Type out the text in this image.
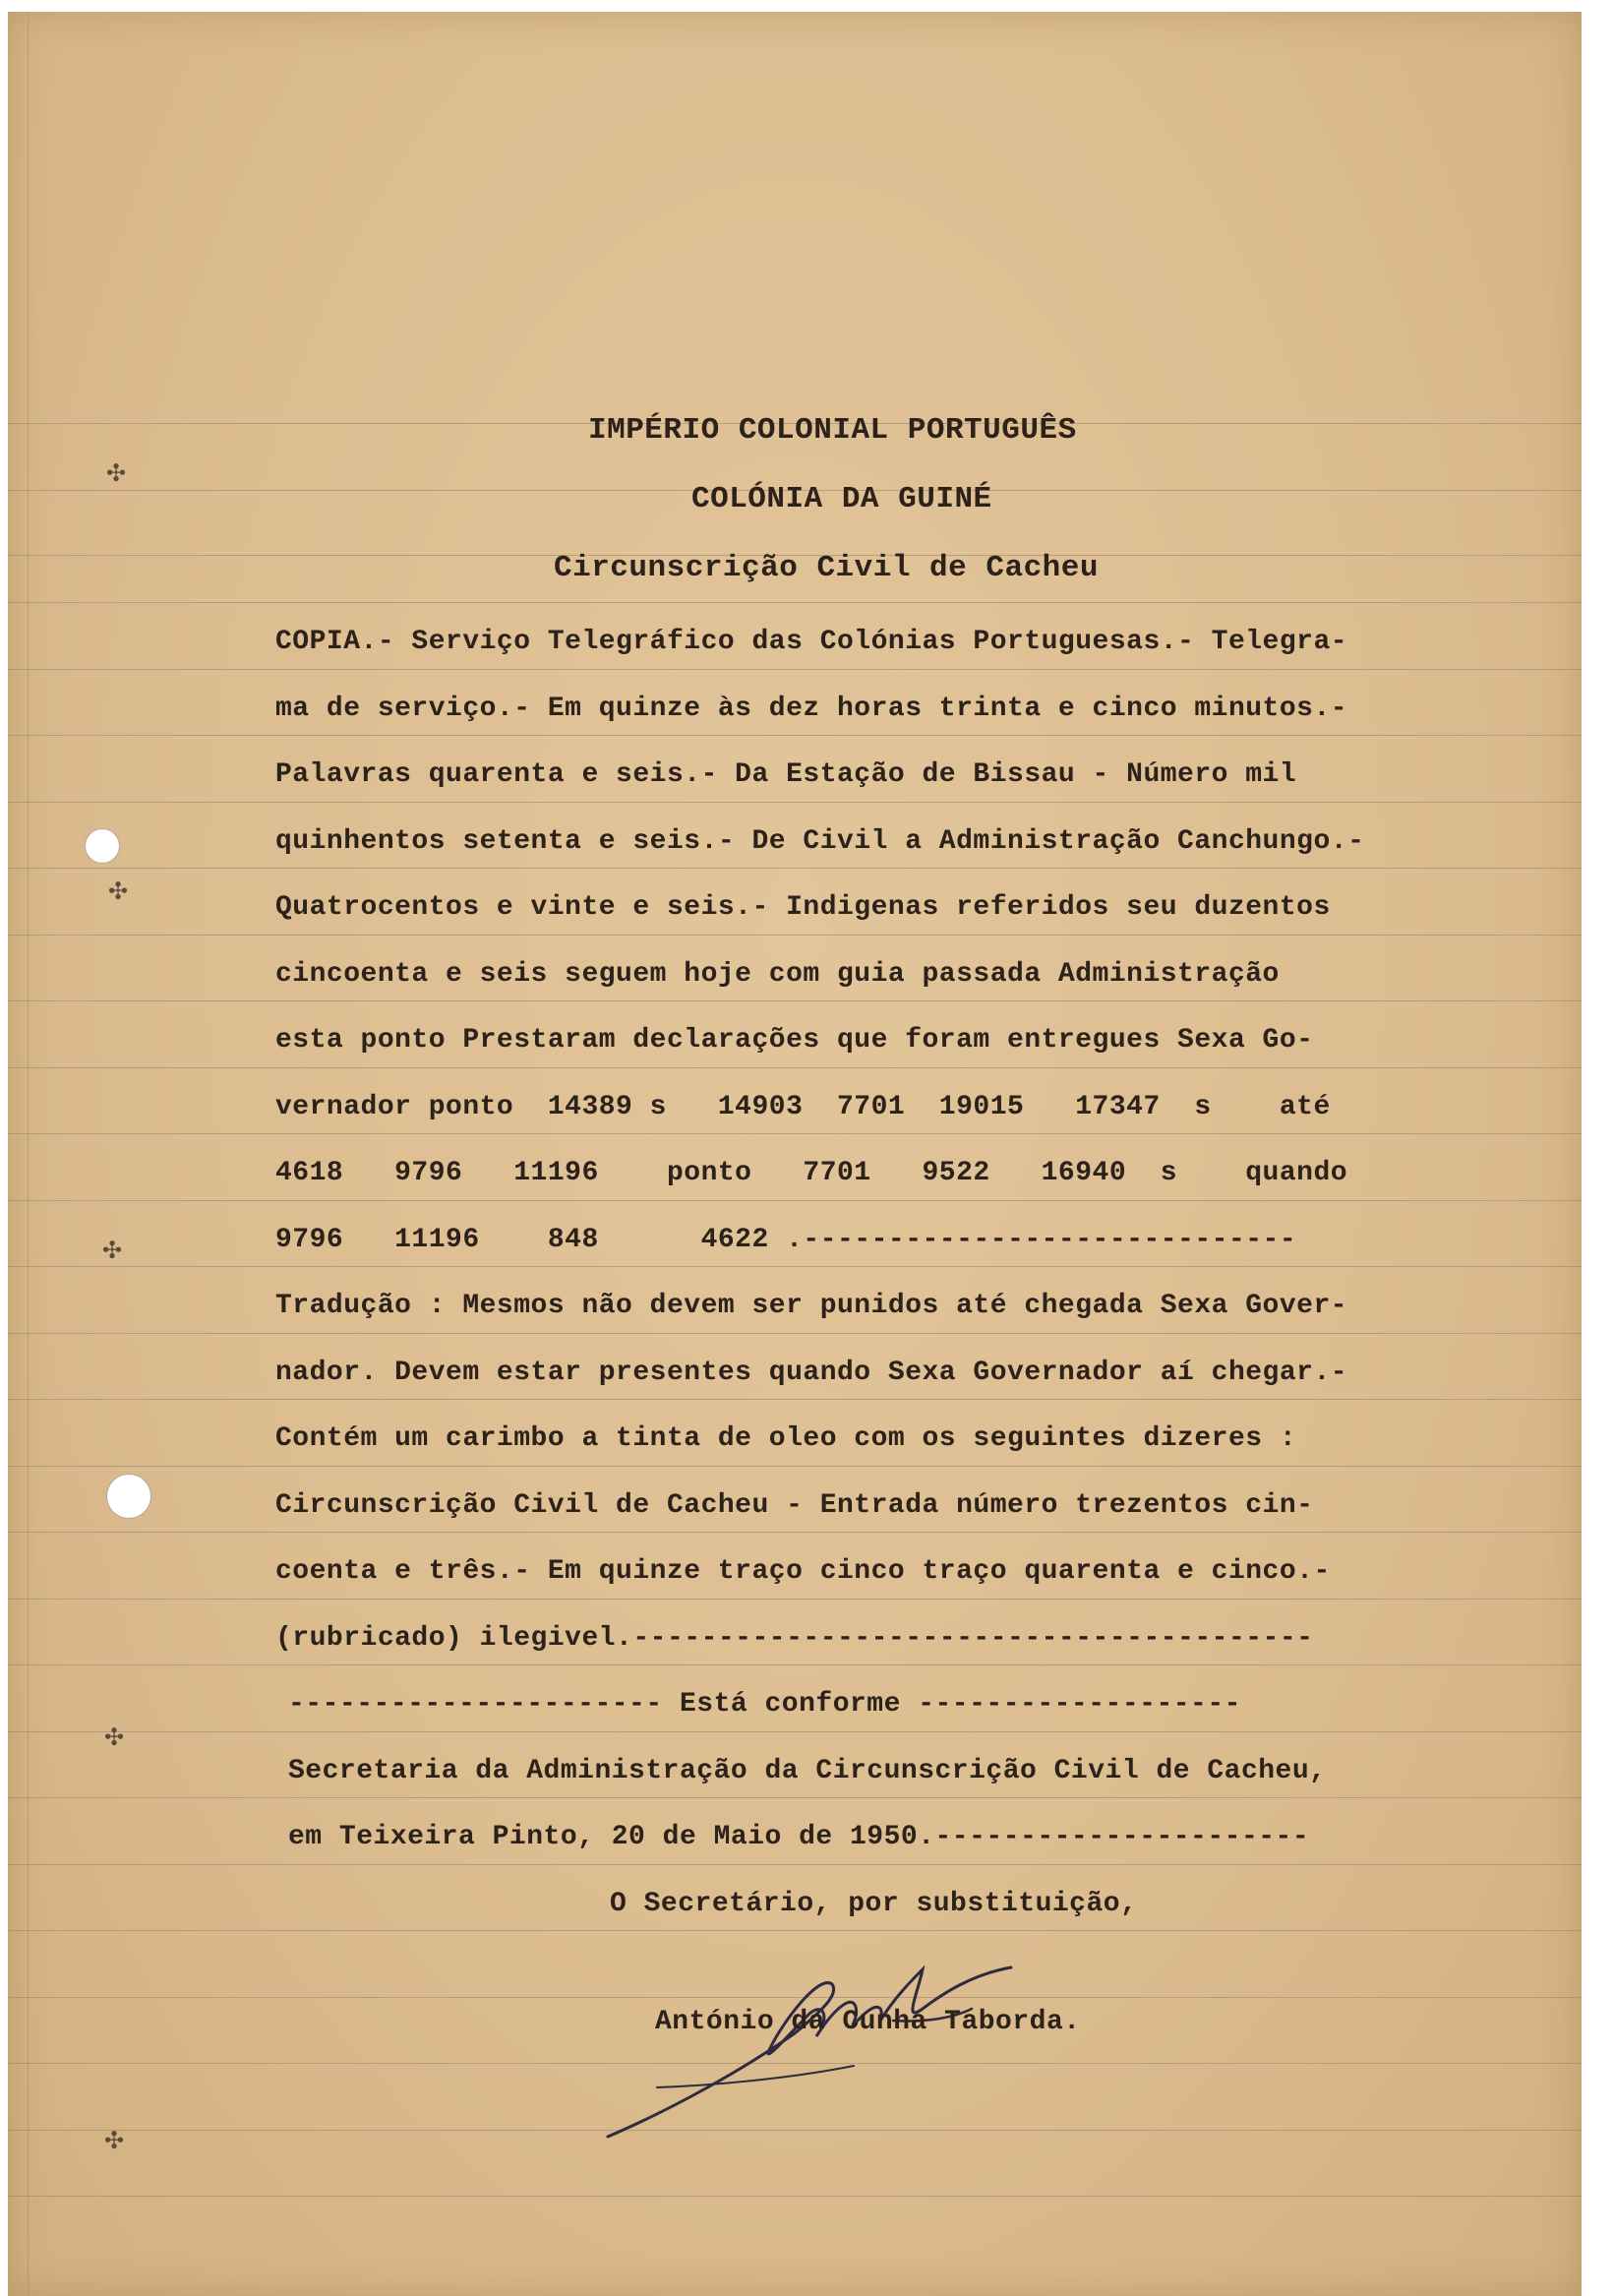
✣
✣
✣
✣
✣
IMPÉRIO COLONIAL PORTUGUÊS
COLÓNIA DA GUINÉ
Circunscrição Civil de Cacheu
COPIA.- Serviço Telegráfico das Colónias Portuguesas.- Telegra-
ma de serviço.- Em quinze às dez horas trinta e cinco minutos.-
Palavras quarenta e seis.- Da Estação de Bissau - Número mil
quinhentos setenta e seis.- De Civil a Administração Canchungo.-
Quatrocentos e vinte e seis.- Indigenas referidos seu duzentos
cincoenta e seis seguem hoje com guia passada Administração
esta ponto Prestaram declarações que foram entregues Sexa Go-
vernador ponto  14389 s   14903  7701  19015   17347  s    até
4618   9796   11196    ponto   7701   9522   16940  s    quando
9796   11196    848      4622 .-----------------------------
Tradução : Mesmos não devem ser punidos até chegada Sexa Gover-
nador. Devem estar presentes quando Sexa Governador aí chegar.-
Contém um carimbo a tinta de oleo com os seguintes dizeres :
Circunscrição Civil de Cacheu - Entrada número trezentos cin-
coenta e três.- Em quinze traço cinco traço quarenta e cinco.-
(rubricado) ilegivel.----------------------------------------
---------------------- Está conforme -------------------
Secretaria da Administração da Circunscrição Civil de Cacheu,
em Teixeira Pinto, 20 de Maio de 1950.----------------------
O Secretário, por substituição,
António da Cunha Taborda.
